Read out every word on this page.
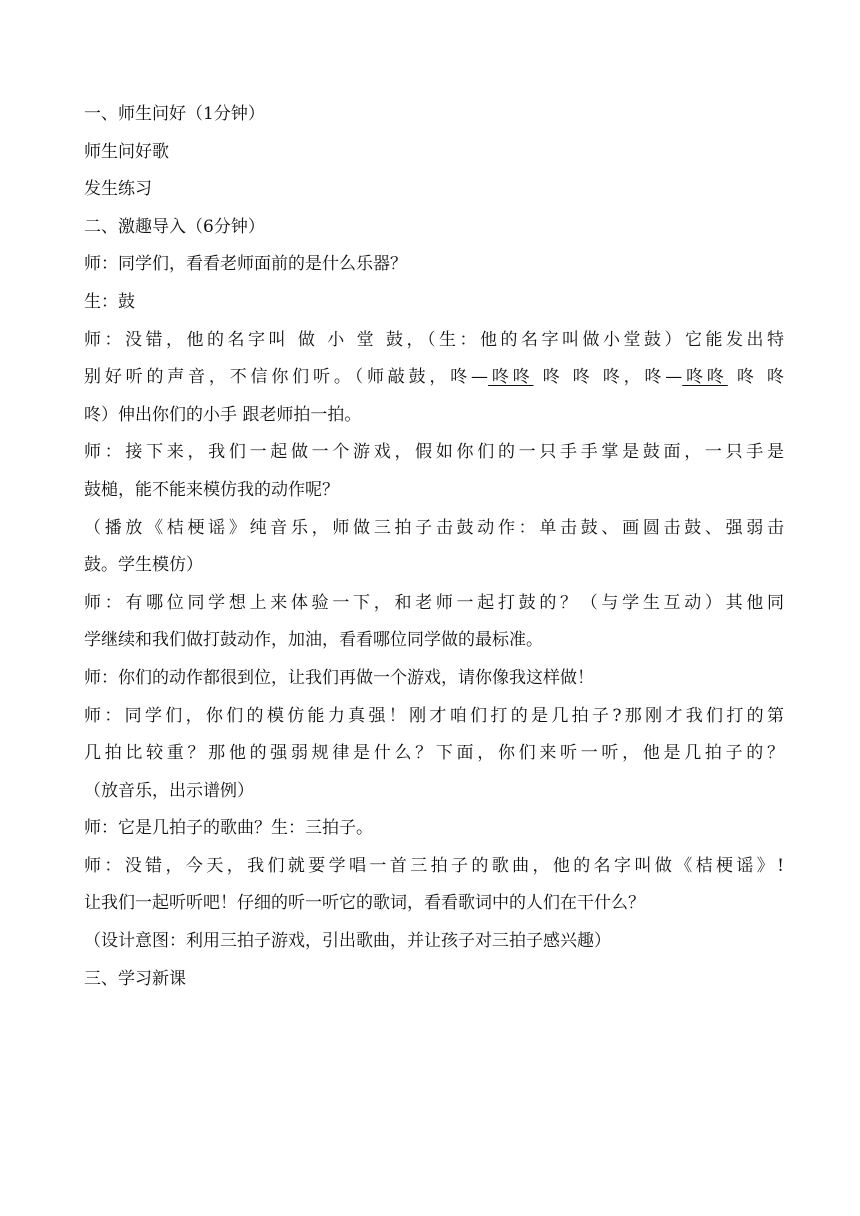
一、师生问好（1分钟）
师生问好歌
发生练习
二、激趣导入（6分钟）
师：同学们，看看老师面前的是什么乐器？
生：鼓
师：没错，他的名字叫 做 小 堂 鼓，（生：他的名字叫做小堂鼓）它能发出特
别好听的声音，不信你们听。（师敲鼓，咚—咚咚 咚 咚 咚，咚—咚咚 咚 咚
咚）伸出你们的小手 跟老师拍一拍。
师：接下来，我们一起做一个游戏，假如你们的一只手手掌是鼓面，一只手是
鼓槌，能不能来模仿我的动作呢？
（播放《桔梗谣》纯音乐，师做三拍子击鼓动作：单击鼓、画圆击鼓、强弱击
鼓。学生模仿）
师：有哪位同学想上来体验一下，和老师一起打鼓的？（与学生互动）其他同
学继续和我们做打鼓动作，加油，看看哪位同学做的最标准。
师：你们的动作都很到位，让我们再做一个游戏，请你像我这样做！
师：同学们，你们的模仿能力真强！刚才咱们打的是几拍子?那刚才我们打的第
几拍比较重？那他的强弱规律是什么？下面，你们来听一听，他是几拍子的？
（放音乐，出示谱例）
师：它是几拍子的歌曲？生：三拍子。
师：没错，今天，我们就要学唱一首三拍子的歌曲，他的名字叫做《桔梗谣》!
让我们一起听听吧！仔细的听一听它的歌词，看看歌词中的人们在干什么？
（设计意图：利用三拍子游戏，引出歌曲，并让孩子对三拍子感兴趣）
三、学习新课
